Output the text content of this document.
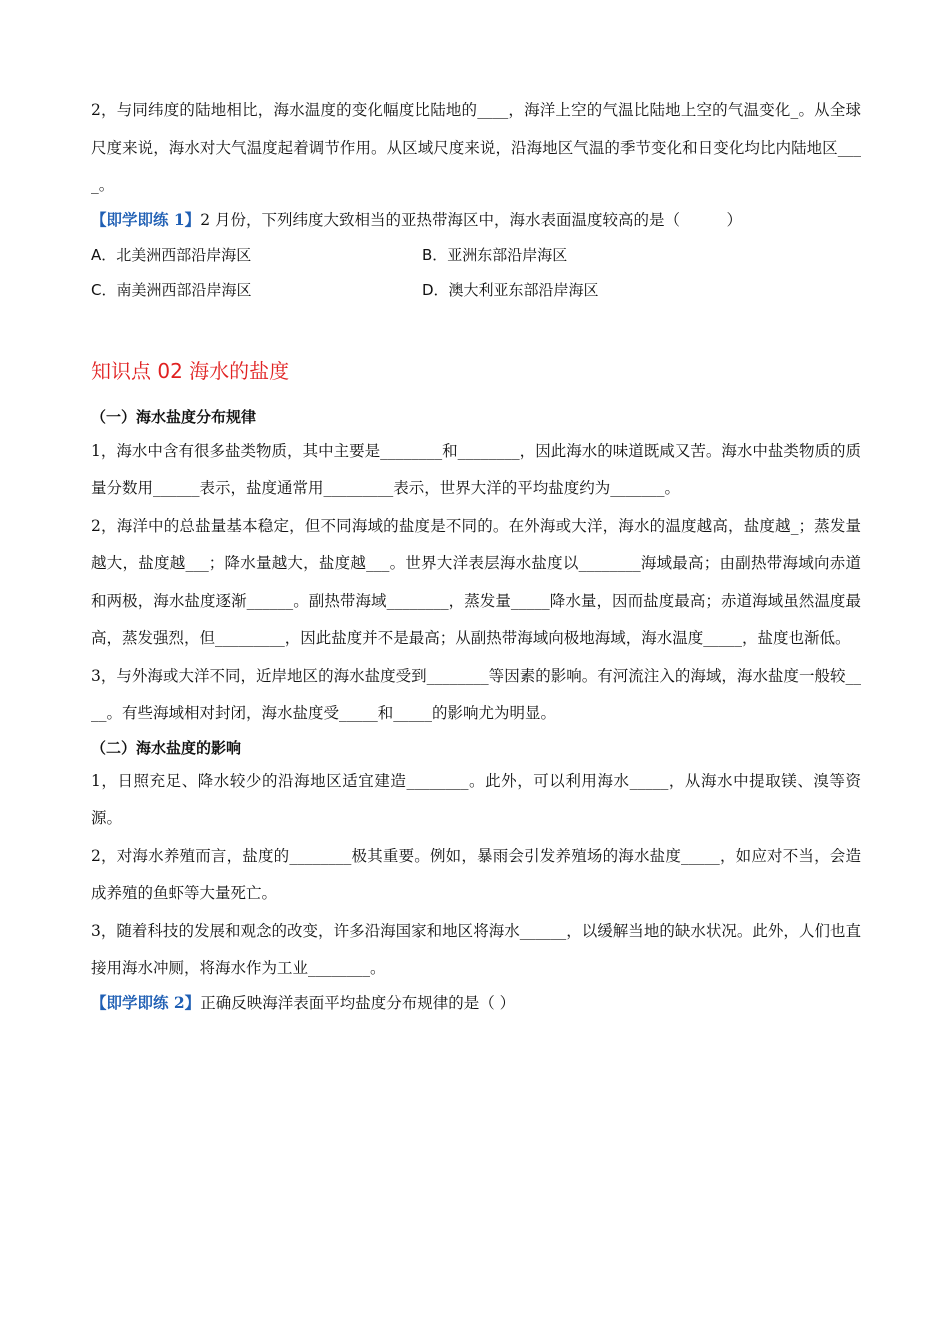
2，与同纬度的陆地相比，海水温度的变化幅度比陆地的____，海洋上空的气温比陆地上空的气温变化_。从全球尺度来说，海水对大气温度起着调节作用。从区域尺度来说，沿海地区气温的季节变化和日变化均比内陆地区____。

【即学即练 1】2 月份，下列纬度大致相当的亚热带海区中，海水表面温度较高的是（　　　）

A．北美洲西部沿岸海区	B．亚洲东部沿岸海区
C．南美洲西部沿岸海区	D．澳大利亚东部沿岸海区
知识点 02 海水的盐度

（一）海水盐度分布规律

1，海水中含有很多盐类物质，其中主要是________和________，因此海水的味道既咸又苦。海水中盐类物质的质量分数用______表示，盐度通常用_________表示，世界大洋的平均盐度约为_______。

2，海洋中的总盐量基本稳定，但不同海域的盐度是不同的。在外海或大洋，海水的温度越高，盐度越_；蒸发量越大，盐度越___；降水量越大，盐度越___。世界大洋表层海水盐度以________海域最高；由副热带海域向赤道和两极，海水盐度逐渐______。副热带海域________，蒸发量_____降水量，因而盐度最高；赤道海域虽然温度最高，蒸发强烈，但_________，因此盐度并不是最高；从副热带海域向极地海域，海水温度_____，盐度也渐低。

3，与外海或大洋不同，近岸地区的海水盐度受到________等因素的影响。有河流注入的海域，海水盐度一般较____。有些海域相对封闭，海水盐度受_____和_____的影响尤为明显。

（二）海水盐度的影响

1，日照充足、降水较少的沿海地区适宜建造________。此外，可以利用海水_____，从海水中提取镁、溴等资源。

2，对海水养殖而言，盐度的________极其重要。例如，暴雨会引发养殖场的海水盐度_____，如应对不当，会造成养殖的鱼虾等大量死亡。

3，随着科技的发展和观念的改变，许多沿海国家和地区将海水______，以缓解当地的缺水状况。此外，人们也直接用海水冲厕，将海水作为工业________。

【即学即练 2】正确反映海洋表面平均盐度分布规律的是（ ）
